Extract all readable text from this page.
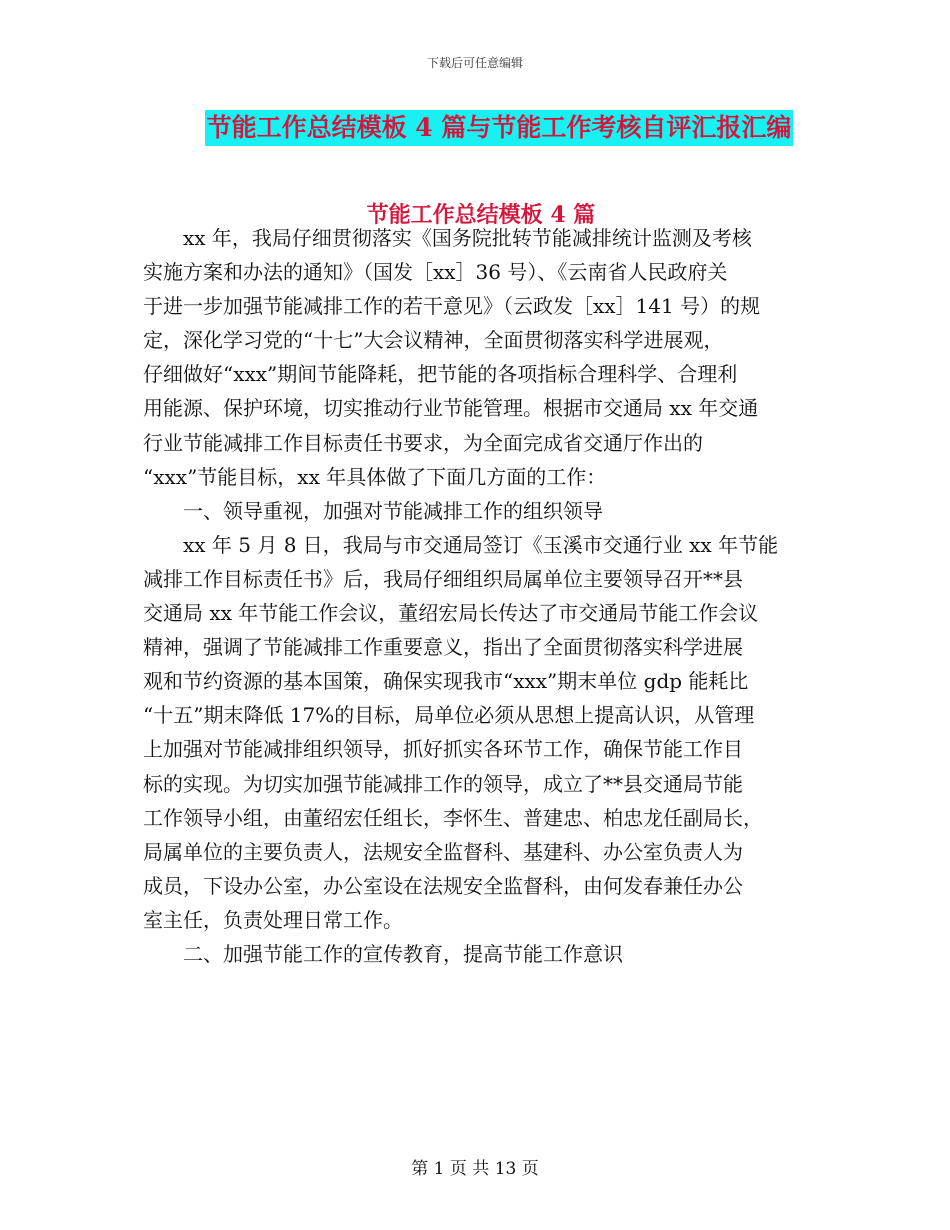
下载后可任意编辑
节能工作总结模板 4 篇与节能工作考核自评汇报汇编
节能工作总结模板 4 篇
　　xx 年，我局仔细贯彻落实《国务院批转节能减排统计监测及考核
实施方案和办法的通知》（国发［xx］36 号）、《云南省人民政府关
于进一步加强节能减排工作的若干意见》（云政发［xx］141 号）的规
定，深化学习党的“十七”大会议精神，全面贯彻落实科学进展观，
仔细做好“xxx”期间节能降耗，把节能的各项指标合理科学、合理利
用能源、保护环境，切实推动行业节能管理。根据市交通局 xx 年交通
行业节能减排工作目标责任书要求，为全面完成省交通厅作出的
“xxx”节能目标，xx 年具体做了下面几方面的工作：
　　一、领导重视，加强对节能减排工作的组织领导
　　xx 年 5 月 8 日，我局与市交通局签订《玉溪市交通行业 xx 年节能
减排工作目标责任书》后，我局仔细组织局属单位主要领导召开**县
交通局 xx 年节能工作会议，董绍宏局长传达了市交通局节能工作会议
精神，强调了节能减排工作重要意义，指出了全面贯彻落实科学进展
观和节约资源的基本国策，确保实现我市“xxx”期末单位 gdp 能耗比
“十五”期末降低 17%的目标，局单位必须从思想上提高认识，从管理
上加强对节能减排组织领导，抓好抓实各环节工作，确保节能工作目
标的实现。为切实加强节能减排工作的领导，成立了**县交通局节能
工作领导小组，由董绍宏任组长，李怀生、普建忠、柏忠龙任副局长，
局属单位的主要负责人，法规安全监督科、基建科、办公室负责人为
成员，下设办公室，办公室设在法规安全监督科，由何发春兼任办公
室主任，负责处理日常工作。
　　二、加强节能工作的宣传教育，提高节能工作意识
第 1 页 共 13 页
